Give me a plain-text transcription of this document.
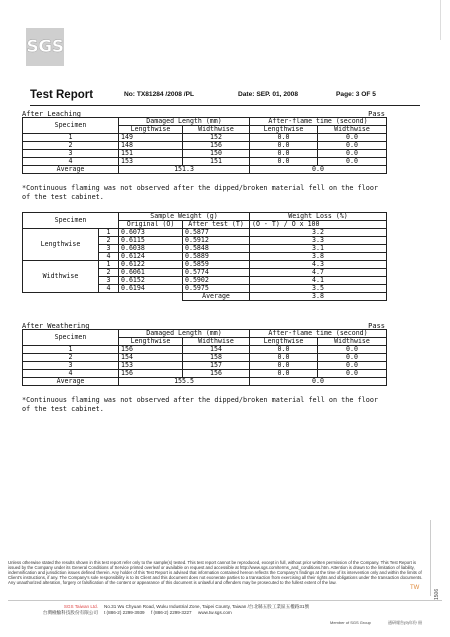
SGS
Test Report	No: TX81284 /2008 /PL	Date: SEP. 01, 2008	Page: 3 OF 5
After Leaching	Pass
Specimen	Damaged Length (mm)		After-flame time (second)	
	Lengthwise	Widthwise	Lengthwise	Widthwise
1	149	152	0.0	0.0
2	148	156	0.0	0.0
3	151	150	0.0	0.0
4	153	151	0.0	0.0
Average	151.3		0.0	
*Continuous flaming was not observed after the dipped/broken material fell on the floor
of the test cabinet.
Specimen		Sample Weight (g)		Weight Loss (%)
		Original (O)	After test (T)	(O - T) / O x 100
Lengthwise	1	0.6073	0.5877	3.2
	2	0.6115	0.5912	3.3
	3	0.6038	0.5848	3.1
	4	0.6124	0.5889	3.8
Widthwise	1	0.6122	0.5859	4.3
	2	0.6061	0.5774	4.7
	3	0.6152	0.5902	4.1
	4	0.6194	0.5975	3.5
			Average	3.8
After Weathering	Pass
Specimen	Damaged Length (mm)		After-flame time (second)	
	Lengthwise	Widthwise	Lengthwise	Widthwise
1	156	154	0.0	0.0
2	154	158	0.0	0.0
3	153	157	0.0	0.0
4	156	156	0.0	0.0
Average	155.5		0.0	
*Continuous flaming was not observed after the dipped/broken material fell on the floor
of the test cabinet.
Unless otherwise stated the results shown in this test report refer only to the sample(s) tested. This test report cannot be reproduced, except in full, without prior written permission of the Company. This Test Report is issued by the Company under its General Conditions of Service printed overleaf or available on request and accessible at http://www.sgs.com/terms_and_conditions.htm. Attention is drawn to the limitation of liability, indemnification and jurisdiction issues defined therein. Any holder of this Test Report is advised that information contained hereon reflects the Company's findings at the time of its intervention only and within the limits of Client's instructions, if any. The Company's sole responsibility is to its Client and this document does not exonerate parties to a transaction from exercising all their rights and obligations under the transaction documents. Any unauthorized alteration, forgery or falsification of the content or appearance of this document is unlawful and offenders may be prosecuted to the fullest extent of the law.
TW
1506
SGS Taiwan Ltd.
台灣檢驗科技股份有限公司
No.31 Wu Chyuan Road, Wuku Industrial Zone, Taipei County, Taiwan /台北縣五股工業區五權路31號
t (886-2) 2299-3939 f (886-2) 2299-3227 www.tw.sgs.com
Member of SGS Group	通研報告(9)年份 冊
